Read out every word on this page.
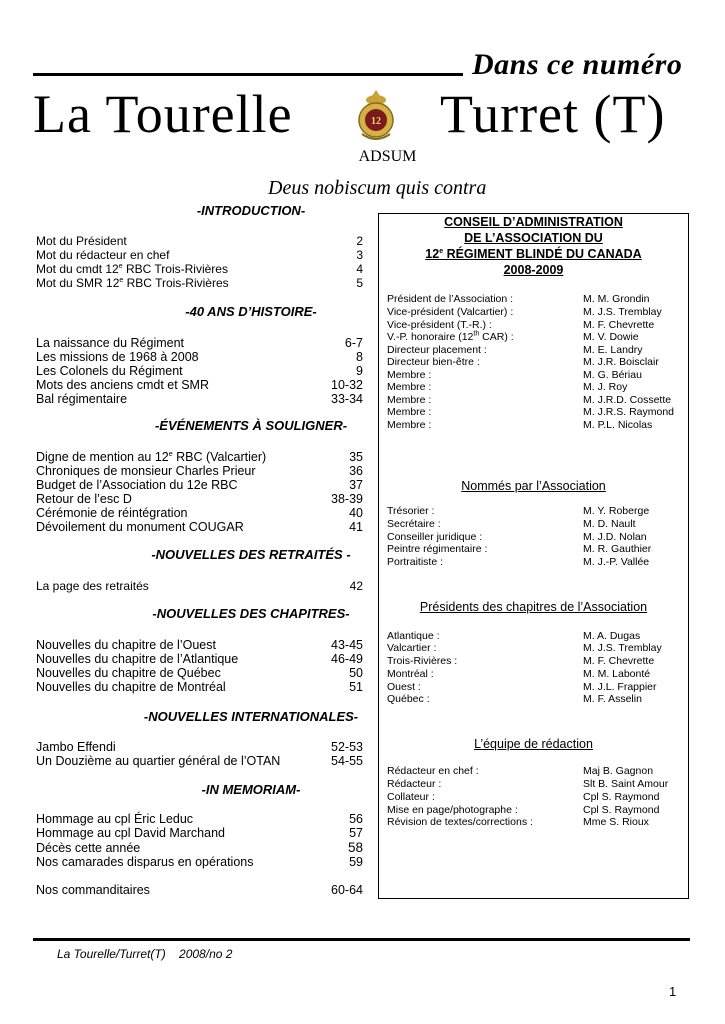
Dans ce numéro
La Tourelle	12 Turret (T)
ADSUM
Deus nobiscum quis contra
-INTRODUCTION-
Mot du Président	2
Mot du rédacteur en chef	3
Mot du cmdt 12e RBC Trois-Rivières	4
Mot du SMR 12e RBC Trois-Rivières	5
-40 ANS D’HISTOIRE-
La naissance du Régiment	6-7
Les missions de 1968 à 2008	8
Les Colonels du Régiment	9
Mots des anciens cmdt et SMR	10-32
Bal régimentaire	33-34
-ÉVÉNEMENTS À SOULIGNER-
Digne de mention au 12e RBC (Valcartier)	35
Chroniques de monsieur Charles Prieur	36
Budget de l’Association du 12e RBC	37
Retour de l’esc D	38-39
Cérémonie de réintégration	40
Dévoilement du monument COUGAR	41
-NOUVELLES DES RETRAITÉS -
La page des retraités	42
-NOUVELLES DES CHAPITRES-
Nouvelles du chapitre de l’Ouest	43-45
Nouvelles du chapitre de l’Atlantique	46-49
Nouvelles du chapitre de Québec	50
Nouvelles du chapitre de Montréal	51
-NOUVELLES INTERNATIONALES-
Jambo Effendi	52-53
Un Douzième au quartier général de l’OTAN	54-55
-IN MEMORIAM-
Hommage au cpl Éric Leduc	56
Hommage au cpl David Marchand	57
Décès cette année	58
Nos camarades disparus en opérations	59
Nos commanditaires	60-64
CONSEIL D’ADMINISTRATION
DE L’ASSOCIATION DU
12e RÉGIMENT BLINDÉ DU CANADA
2008-2009
Président de l’Association :	M. M. Grondin
Vice-président (Valcartier) :	M. J.S. Tremblay
Vice-président (T.-R.) :	M. F. Chevrette
V.-P. honoraire (12th CAR) :	M. V. Dowie
Directeur placement :	M. E. Landry
Directeur bien-être :	M. J.R. Boisclair
Membre :	M. G. Bériau
Membre :	M. J. Roy
Membre :	M. J.R.D. Cossette
Membre :	M. J.R.S. Raymond
Membre :	M. P.L. Nicolas
Nommés par l’Association
Trésorier :	M. Y. Roberge
Secrétaire :	M. D. Nault
Conseiller juridique :	M. J.D. Nolan
Peintre régimentaire :	M. R. Gauthier
Portraitiste :	M. J.-P. Vallée
Présidents des chapitres de l’Association
Atlantique :	M. A. Dugas
Valcartier :	M. J.S. Tremblay
Trois-Rivières :	M. F. Chevrette
Montréal :	M. M. Labonté
Ouest :	M. J.L. Frappier
Québec :	M. F. Asselin
L’équipe de rédaction
Rédacteur en chef :	Maj B. Gagnon
Rédacteur :	Slt B. Saint Amour
Collateur :	Cpl S. Raymond
Mise en page/photographe :	Cpl S. Raymond
Révision de textes/corrections :	Mme S. Rioux
La Tourelle/Turret(T)    2008/no 2
1
